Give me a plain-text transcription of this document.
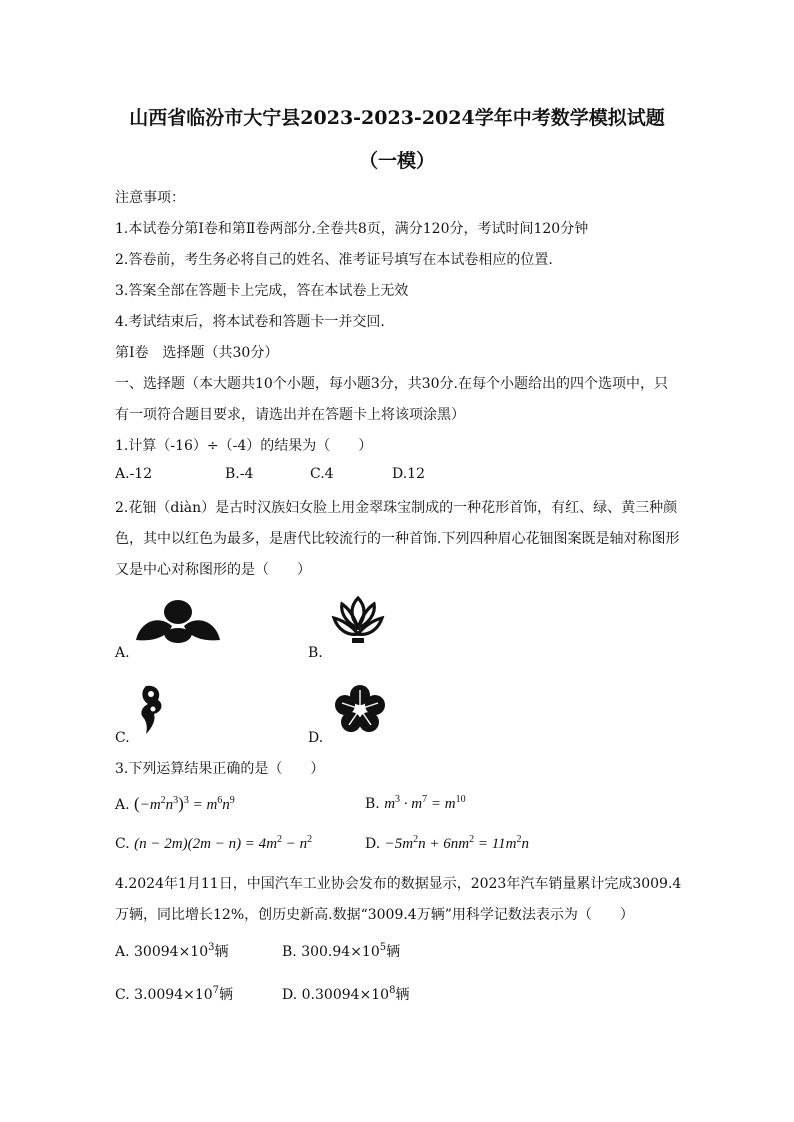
山西省临汾市大宁县2023-2023-2024学年中考数学模拟试题
（一模）
注意事项：
1.本试卷分第Ⅰ卷和第Ⅱ卷两部分.全卷共8页，满分120分，考试时间120分钟
2.答卷前，考生务必将自己的姓名、准考证号填写在本试卷相应的位置.
3.答案全部在答题卡上完成，答在本试卷上无效
4.考试结束后，将本试卷和答题卡一并交回.
第Ⅰ卷　选择题（共30分）
一、选择题（本大题共10个小题，每小题3分，共30分.在每个小题给出的四个选项中，只
有一项符合题目要求，请选出并在答题卡上将该项涂黑）
1.计算（-16）÷（-4）的结果为（　　）
A.-12	B.-4	C.4	D.12
2.花钿（diàn）是古时汉族妇女脸上用金翠珠宝制成的一种花形首饰，有红、绿、黄三种颜
色，其中以红色为最多，是唐代比较流行的一种首饰.下列四种眉心花钿图案既是轴对称图形
又是中心对称图形的是（　　）
A.	B.
C.	D.
3.下列运算结果正确的是（　　）
A. $(-m^2n^3)^3 = m^6n^9$	B. $m^3 \cdot m^7 = m^{10}$
C. $(n - 2m)(2m - n) = 4m^2 - n^2$	D. $-5m^2n + 6nm^2 = 11m^2n$
4.2024年1月11日，中国汽车工业协会发布的数据显示，2023年汽车销量累计完成3009.4
万辆，同比增长12%，创历史新高.数据“3009.4万辆”用科学记数法表示为（　　）
A. $30094\times 10^3$辆	B. $300.94\times 10^5$辆
C. $3.0094\times 10^7$辆	D. $0.30094\times 10^8$辆
